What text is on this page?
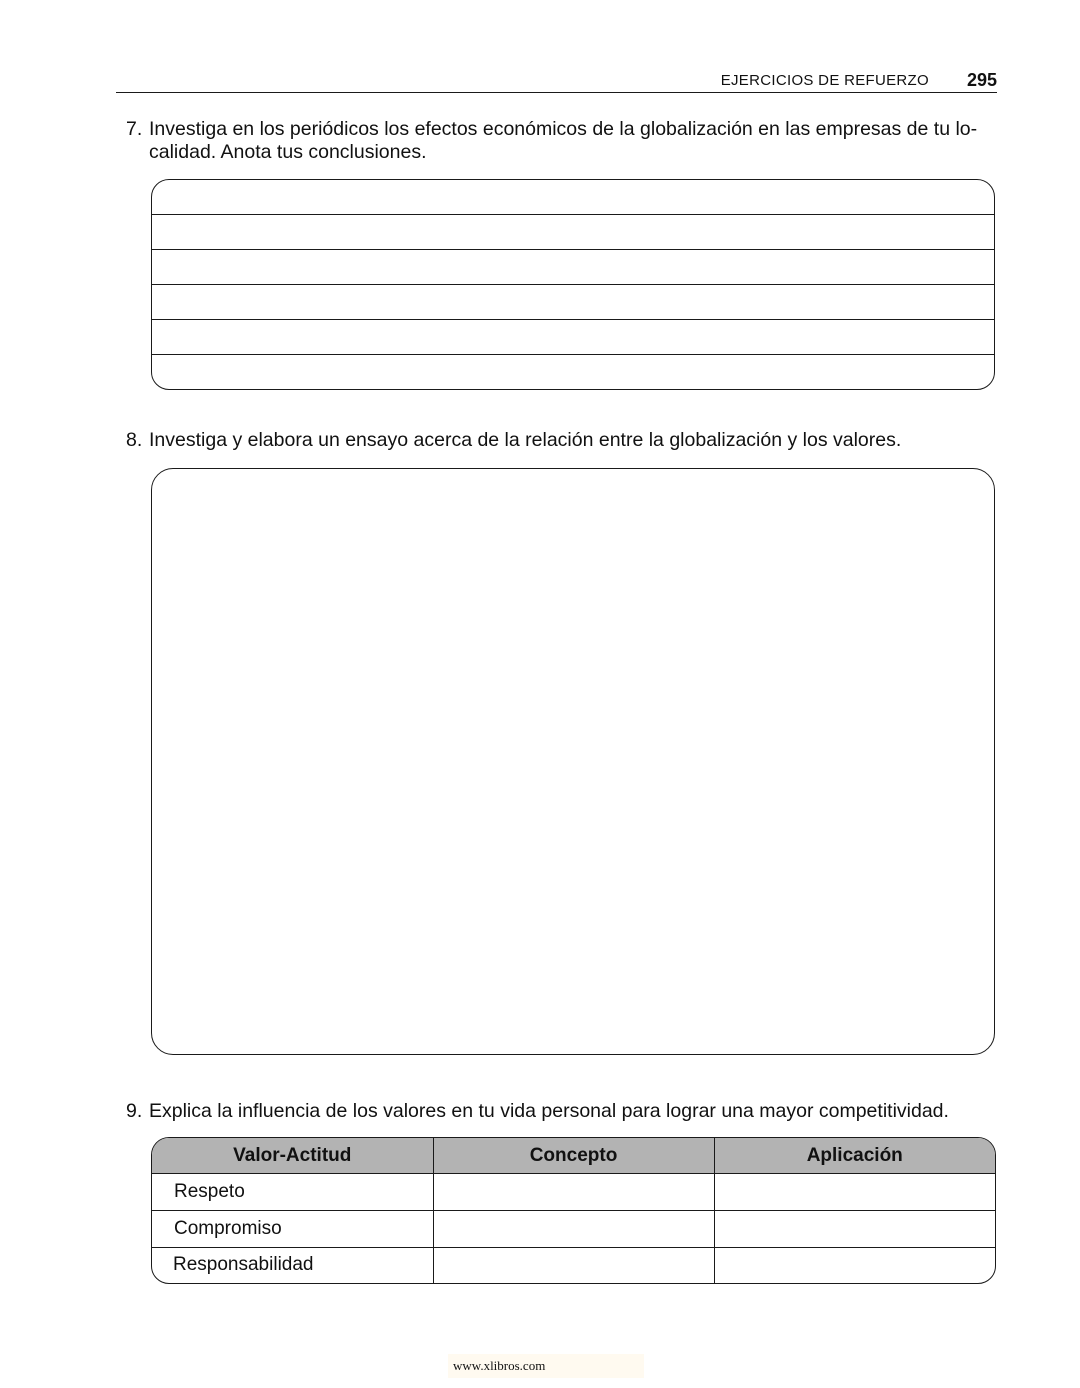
EJERCICIOS DE REFUERZO 295
7. Investiga en los periódicos los efectos económicos de la globalización en las empresas de tu lo-calidad. Anota tus conclusiones.
8. Investiga y elabora un ensayo acerca de la relación entre la globalización y los valores.
9. Explica la influencia de los valores en tu vida personal para lograr una mayor competitividad.
Valor-Actitud	Concepto	Aplicación
Respeto		
Compromiso		
Responsabilidad		
www.xlibros.com
